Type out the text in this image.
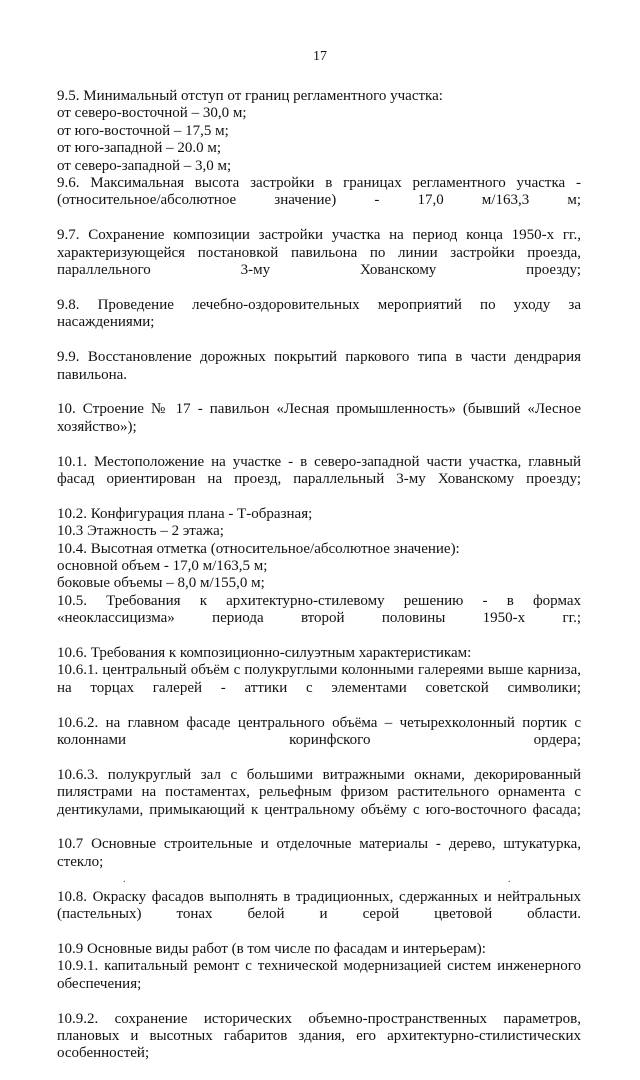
17

9.5. Минимальный отступ от границ регламентного участка:

от северо-восточной – 30,0 м;

от юго-восточной – 17,5 м;

от юго-западной – 20.0 м;

от северо-западной – 3,0 м;

9.6. Максимальная высота застройки в границах регламентного участка - (относительное/абсолютное значение) - 17,0 м/163,3 м;

9.7. Сохранение композиции застройки участка на период конца 1950-х гг., характеризующейся постановкой павильона по линии застройки проезда, параллельного 3-му Хованскому проезду;

9.8. Проведение лечебно-оздоровительных мероприятий по уходу за насаждениями;

9.9. Восстановление дорожных покрытий паркового типа в части дендрария павильона.

10. Строение № 17 - павильон «Лесная промышленность» (бывший «Лесное хозяйство»);

10.1. Местоположение на участке - в северо-западной части участка, главный фасад ориентирован на проезд, параллельный 3-му Хованскому проезду;

10.2. Конфигурация плана - Т-образная;

10.3 Этажность – 2 этажа;

10.4. Высотная отметка (относительное/абсолютное значение):

основной объем - 17,0 м/163,5 м;

боковые объемы – 8,0 м/155,0 м;

10.5. Требования к архитектурно-стилевому решению - в формах «неоклассицизма» периода второй половины 1950-х гг.;

10.6. Требования к композиционно-силуэтным характеристикам:

10.6.1. центральный объём с полукруглыми колонными галереями выше карниза, на торцах галерей - аттики с элементами советской символики;

10.6.2. на главном фасаде центрального объёма – четырехколонный портик с колоннами коринфского ордера;

10.6.3. полукруглый зал с большими витражными окнами, декорированный пилястрами на постаментах, рельефным фризом растительного орнамента с дентикулами, примыкающий к центральному объёму с юго-восточного фасада;

10.7 Основные строительные и отделочные материалы - дерево, штукатурка, стекло;

10.8. Окраску фасадов выполнять в традиционных, сдержанных и нейтральных (пастельных) тонах белой и серой цветовой области.

10.9 Основные виды работ (в том числе по фасадам и интерьерам):

10.9.1. капитальный ремонт с технической модернизацией систем инженерного обеспечения;

10.9.2. сохранение исторических объемно-пространственных параметров, плановых и высотных габаритов здания, его архитектурно-стилистических особенностей;

.	.
